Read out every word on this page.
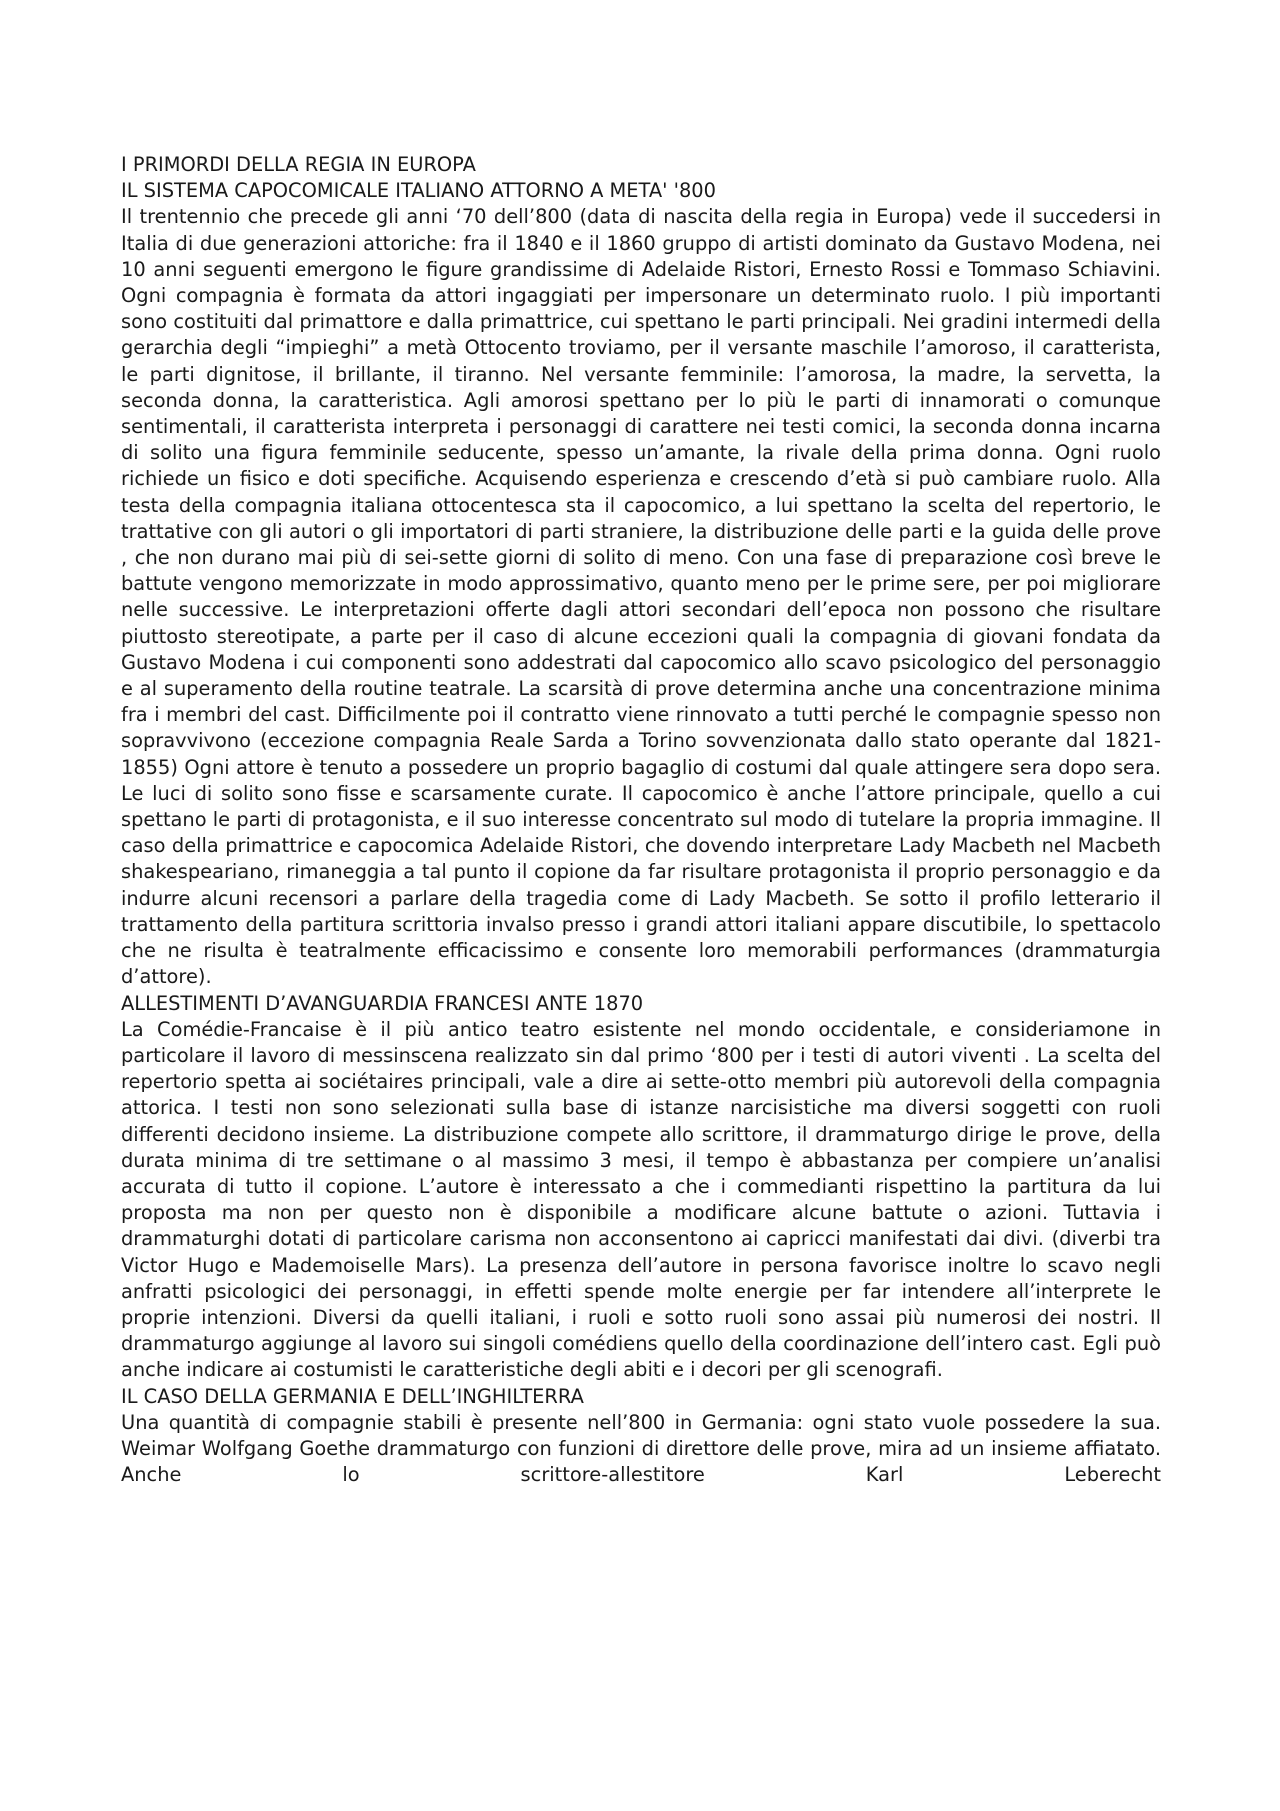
I PRIMORDI DELLA REGIA IN EUROPA
IL SISTEMA CAPOCOMICALE ITALIANO ATTORNO A META' '800

Il trentennio che precede gli anni ‘70 dell’800 (data di nascita della regia in Europa) vede il succedersi in Italia di due generazioni attoriche: fra il 1840 e il 1860 gruppo di artisti dominato da Gustavo Modena, nei 10 anni seguenti emergono le figure grandissime di Adelaide Ristori, Ernesto Rossi e Tommaso Schiavini. Ogni compagnia è formata da attori ingaggiati per impersonare un determinato ruolo. I più importanti sono costituiti dal primattore e dalla primattrice, cui spettano le parti principali. Nei gradini intermedi della gerarchia degli “impieghi” a metà Ottocento troviamo, per il versante maschile l’amoroso, il caratterista, le parti dignitose, il brillante, il tiranno. Nel versante femminile: l’amorosa, la madre, la servetta, la seconda donna, la caratteristica. Agli amorosi spettano per lo più le parti di innamorati o comunque sentimentali, il caratterista interpreta i personaggi di carattere nei testi comici, la seconda donna incarna di solito una figura femminile seducente, spesso un’amante, la rivale della prima donna. Ogni ruolo richiede un fisico e doti specifiche. Acquisendo esperienza e crescendo d’età si può cambiare ruolo. Alla testa della compagnia italiana ottocentesca sta il capocomico, a lui spettano la scelta del repertorio, le trattative con gli autori o gli importatori di parti straniere, la distribuzione delle parti e la guida delle prove , che non durano mai più di sei-sette giorni di solito di meno. Con una fase di preparazione così breve le battute vengono memorizzate in modo approssimativo, quanto meno per le prime sere, per poi migliorare nelle successive. Le interpretazioni offerte dagli attori secondari dell’epoca non possono che risultare piuttosto stereotipate, a parte per il caso di alcune eccezioni quali la compagnia di giovani fondata da Gustavo Modena i cui componenti sono addestrati dal capocomico allo scavo psicologico del personaggio e al superamento della routine teatrale. La scarsità di prove determina anche una concentrazione minima fra i membri del cast. Difficilmente poi il contratto viene rinnovato a tutti perché le compagnie spesso non sopravvivono (eccezione compagnia Reale Sarda a Torino sovvenzionata dallo stato operante dal 1821-1855) Ogni attore è tenuto a possedere un proprio bagaglio di costumi dal quale attingere sera dopo sera. Le luci di solito sono fisse e scarsamente curate. Il capocomico è anche l’attore principale, quello a cui spettano le parti di protagonista, e il suo interesse concentrato sul modo di tutelare la propria immagine. Il caso della primattrice e capocomica Adelaide Ristori, che dovendo interpretare Lady Macbeth nel Macbeth shakespeariano, rimaneggia a tal punto il copione da far risultare protagonista il proprio personaggio e da indurre alcuni recensori a parlare della tragedia come di Lady Macbeth. Se sotto il profilo letterario il trattamento della partitura scrittoria invalso presso i grandi attori italiani appare discutibile, lo spettacolo che ne risulta è teatralmente efficacissimo e consente loro memorabili performances (drammaturgia d’attore).

ALLESTIMENTI D’AVANGUARDIA FRANCESI ANTE 1870

La Comédie-Francaise è il più antico teatro esistente nel mondo occidentale, e consideriamone in particolare il lavoro di messinscena realizzato sin dal primo ‘800 per i testi di autori viventi . La scelta del repertorio spetta ai sociétaires principali, vale a dire ai sette-otto membri più autorevoli della compagnia attorica. I testi non sono selezionati sulla base di istanze narcisistiche ma diversi soggetti con ruoli differenti decidono insieme. La distribuzione compete allo scrittore, il drammaturgo dirige le prove, della durata minima di tre settimane o al massimo 3 mesi, il tempo è abbastanza per compiere un’analisi accurata di tutto il copione. L’autore è interessato a che i commedianti rispettino la partitura da lui proposta ma non per questo non è disponibile a modificare alcune battute o azioni. Tuttavia i drammaturghi dotati di particolare carisma non acconsentono ai capricci manifestati dai divi. (diverbi tra Victor Hugo e Mademoiselle Mars). La presenza dell’autore in persona favorisce inoltre lo scavo negli anfratti psicologici dei personaggi, in effetti spende molte energie per far intendere all’interprete le proprie intenzioni. Diversi da quelli italiani, i ruoli e sotto ruoli sono assai più numerosi dei nostri. Il drammaturgo aggiunge al lavoro sui singoli comédiens quello della coordinazione dell’intero cast. Egli può anche indicare ai costumisti le caratteristiche degli abiti e i decori per gli scenografi.

IL CASO DELLA GERMANIA E DELL’INGHILTERRA

Una quantità di compagnie stabili è presente nell’800 in Germania: ogni stato vuole possedere la sua. Weimar Wolfgang Goethe drammaturgo con funzioni di direttore delle prove, mira ad un insieme affiatato. Anche lo scrittore-allestitore Karl Leberecht
